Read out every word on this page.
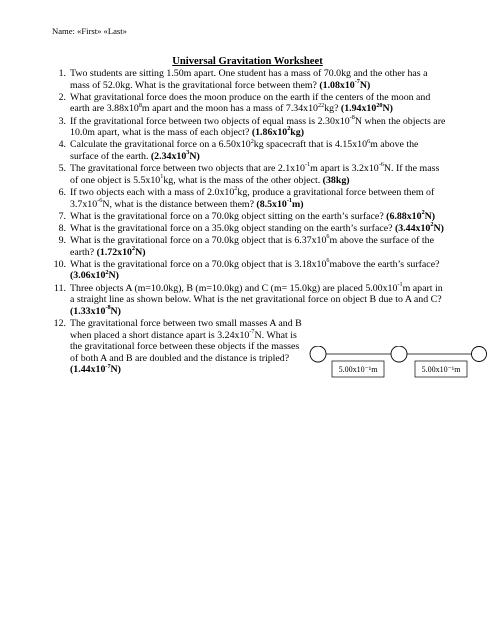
Name: «First» «Last»
Universal Gravitation Worksheet
1. Two students are sitting 1.50m apart. One student has a mass of 70.0kg and the other has a mass of 52.0kg. What is the gravitational force between them? $(1.08x10^{-7}N)$
2. What gravitational force does the moon produce on the earth if the centers of the moon and earth are $3.88x10^8m$ apart and the moon has a mass of $7.34x10^{22}kg$? $(1.94x10^{20}N)$
3. If the gravitational force between two objects of equal mass is $2.30x10^{-8}N$ when the objects are 10.0m apart, what is the mass of each object? $(1.86x10^2kg)$
4. Calculate the gravitational force on a $6.50x10^2kg$ spacecraft that is $4.15x10^6m$ above the surface of the earth. $(2.34x10^3N)$
5. The gravitational force between two objects that are $2.1x10^{-1}m$ apart is $3.2x10^{-6}N$. If the mass of one object is $5.5x10^1kg$, what is the mass of the other object. (38kg)
6. If two objects each with a mass of $2.0x10^2kg$, produce a gravitational force between them of $3.7x10^{-6}N$, what is the distance between them? $(8.5x10^{-1}m)$
7. What is the gravitational force on a 70.0kg object sitting on the earth’s surface? $(6.88x10^2N)$
8. What is the gravitational force on a 35.0kg object standing on the earth’s surface? $(3.44x10^2N)$
9. What is the gravitational force on a 70.0kg object that is $6.37x10^6m$ above the surface of the earth? $(1.72x10^2N)$
10. What is the gravitational force on a 70.0kg object that is $3.18x10^6mabove$ the earth’s surface? $(3.06x10^2N)$
11. Three objects A (m=10.0kg), B (m=10.0kg) and C (m= 15.0kg) are placed $5.00x10^{-1}m$ apart in a straight line as shown below. What is the net gravitational force on object B due to A and C? $(1.33x10^{-8}N)$
12. The gravitational force between two small masses A and B when placed a short distance apart is $3.24x10^{-7}N$. What is the gravitational force between these objects if the masses of both A and B are doubled and the distance is tripled? $(1.44x10^{-7}N)$	5.00x10⁻¹m	5.00x10⁻¹m
